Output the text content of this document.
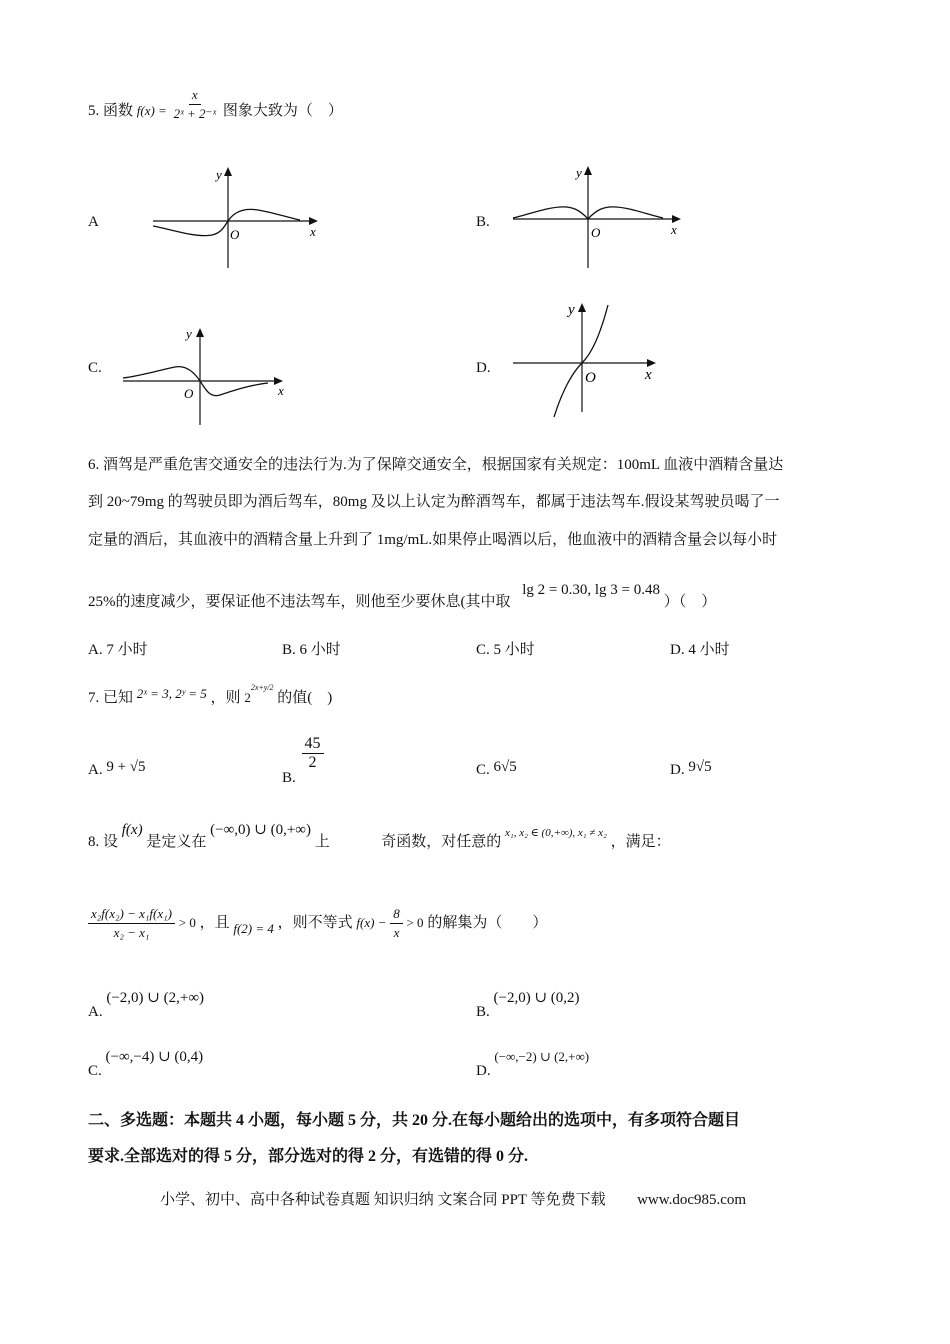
5. 函数 $f(x) = \frac{x}{\text{2ˣ + 2⁻ˣ}}$ 图象大致为（　）
A
y
x
O
B.
y
x
O
C.
y
x
O
D.
y
x
O
6. 酒驾是严重危害交通安全的违法行为.为了保障交通安全，根据国家有关规定：100mL 血液中酒精含量达
到 20~79mg 的驾驶员即为酒后驾车，80mg 及以上认定为醉酒驾车，都属于违法驾车.假设某驾驶员喝了一
定量的酒后，其血液中的酒精含量上升到了 1mg/mL.如果停止喝酒以后，他血液中的酒精含量会以每小时
25%的速度减少，要保证他不违法驾车，则他至少要休息(其中取 lg 2 = 0.30, lg 3 = 0.48 ）（　）
A. 7 小时	B. 6 小时	C. 5 小时	D. 4 小时
7. 已知 2ˣ = 3, 2ʸ = 5 ，则 $2^{2x+y/2}$ 的值(　)
A. 9 + √5
B.
$\frac{45}{2}$	C. 6√5	D. 9√5
8. 设 f(x) 是定义在 (−∞,0) ∪ (0,+∞) 上	奇函数，对任意的 $^{x_1, x_2 \in (0,+\infty), x_1 \ne x_2}$ ，满足：
$\frac{\text{x₂f(x₂) − x₁f(x₁)}}{\text{x₂ − x₁}} > 0$ ，且 f(2) = 4 ，则不等式 $f(x) - \frac{8}{x} > 0$ 的解集为（　　）
A. (−2,0) ∪ (2,+∞)
B. (−2,0) ∪ (0,2)
C. (−∞,−4) ∪ (0,4)
D. (−∞,−2) ∪ (2,+∞)
二、多选题：本题共 4 小题，每小题 5 分，共 20 分.在每小题给出的选项中，有多项符合题目
要求.全部选对的得 5 分，部分选对的得 2 分，有选错的得 0 分.
小学、初中、高中各种试卷真题 知识归纳 文案合同 PPT 等免费下载 www.doc985.com
